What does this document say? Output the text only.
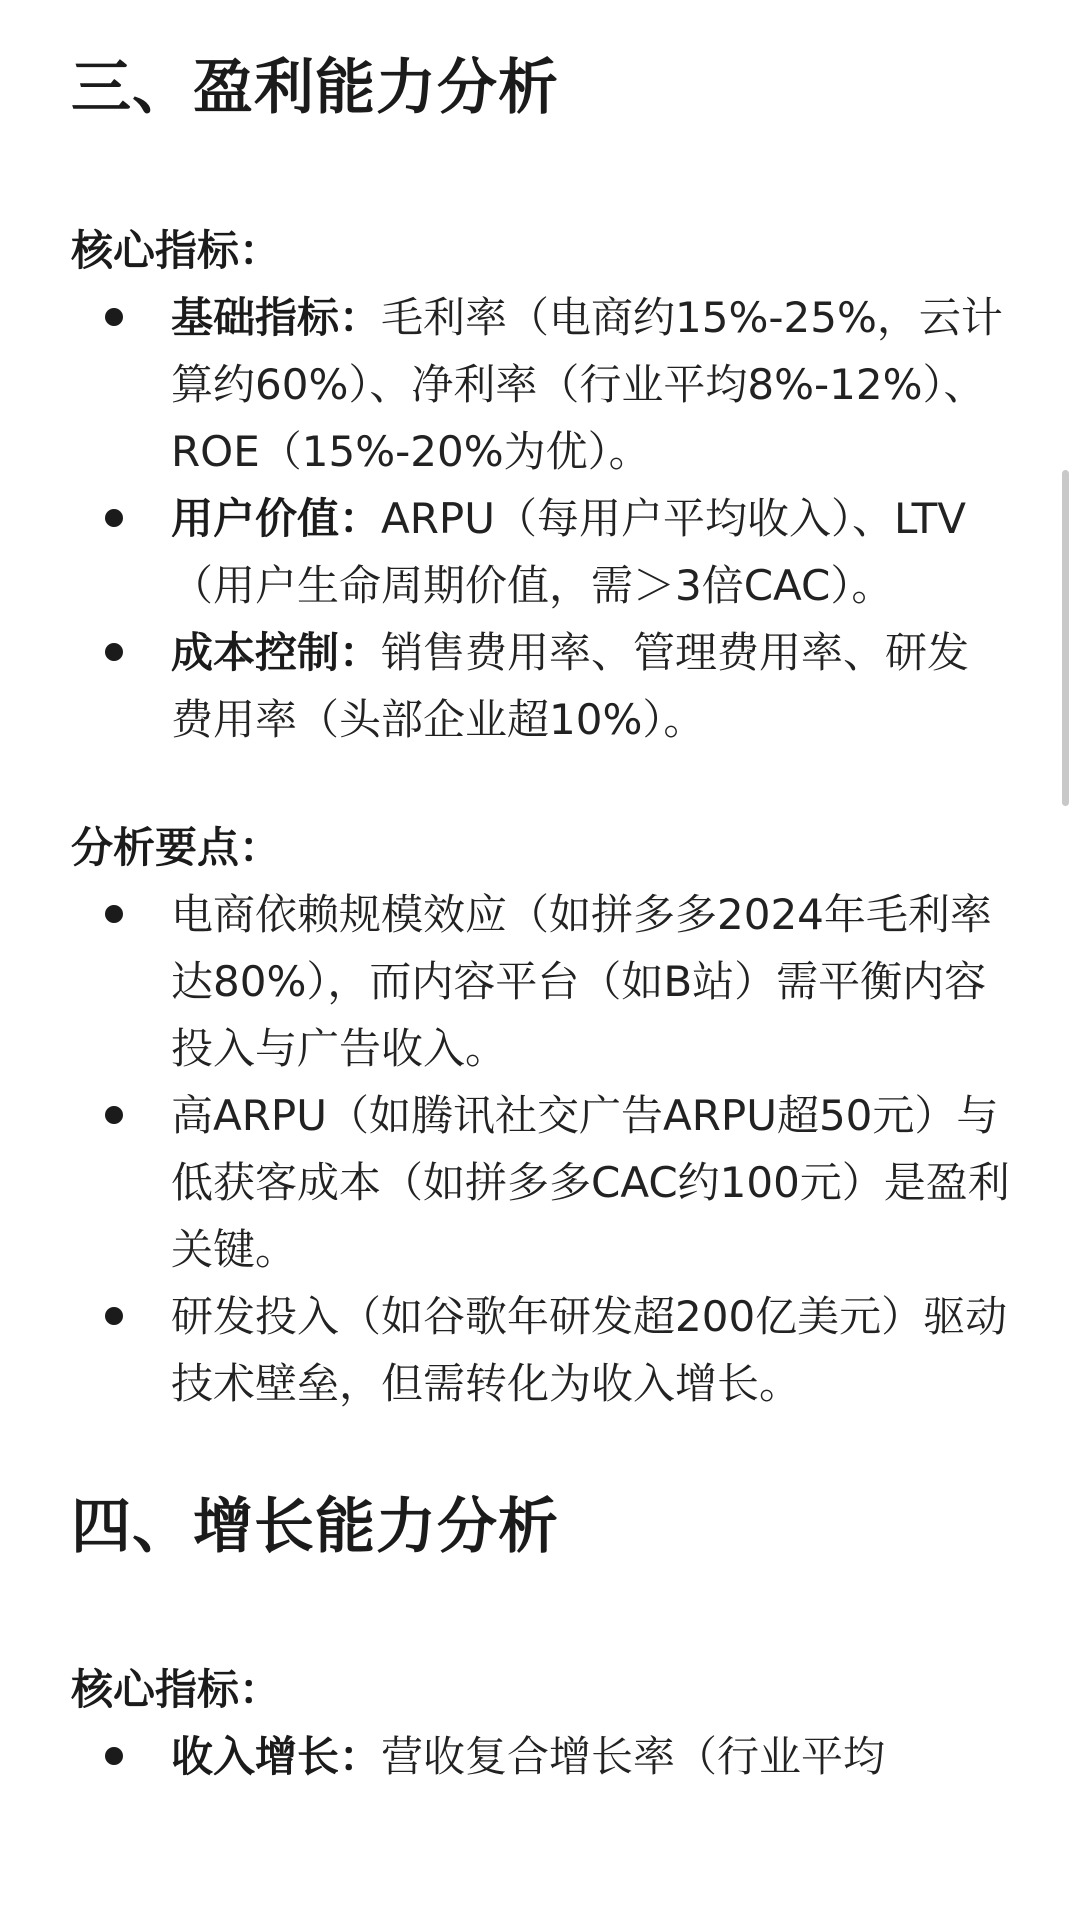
三、盈利能力分析
核心指标：
基础指标：毛利率（电商约15%-25%，云计算约60%）、净利率（行业平均8%-12%）、ROE（15%-20%为优）。
用户价值：ARPU（每用户平均收入）、LTV（用户生命周期价值，需＞3倍CAC）。
成本控制：销售费用率、管理费用率、研发费用率（头部企业超10%）。
分析要点：
电商依赖规模效应（如拼多多2024年毛利率达80%），而内容平台（如B站）需平衡内容投入与广告收入。
高ARPU（如腾讯社交广告ARPU超50元）与低获客成本（如拼多多CAC约100元）是盈利关键。
研发投入（如谷歌年研发超200亿美元）驱动技术壁垒，但需转化为收入增长。
四、增长能力分析
核心指标：
收入增长：营收复合增长率（行业平均
